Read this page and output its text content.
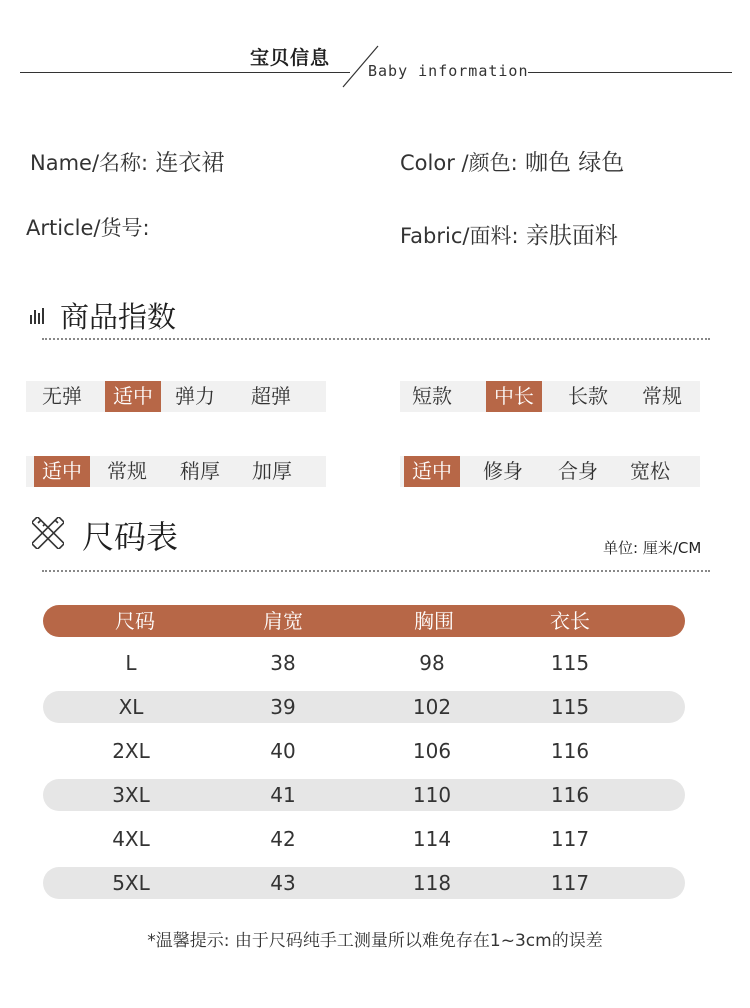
宝贝信息
Baby information
Name/名称: 连衣裙	Color /颜色: 咖色 绿色
Article/货号:	Fabric/面料: 亲肤面料
商品指数
无弹	适中	弹力	超弹	短款	中长	长款	常规
适中	常规	稍厚	加厚	适中	修身	合身	宽松
尺码表	单位: 厘米/CM
尺码	肩宽	胸围	衣长
L	38	98	115
XL	39	102	115
2XL	40	106	116
3XL	41	110	116
4XL	42	114	117
5XL	43	118	117
*温馨提示: 由于尺码纯手工测量所以难免存在1~3cm的误差
